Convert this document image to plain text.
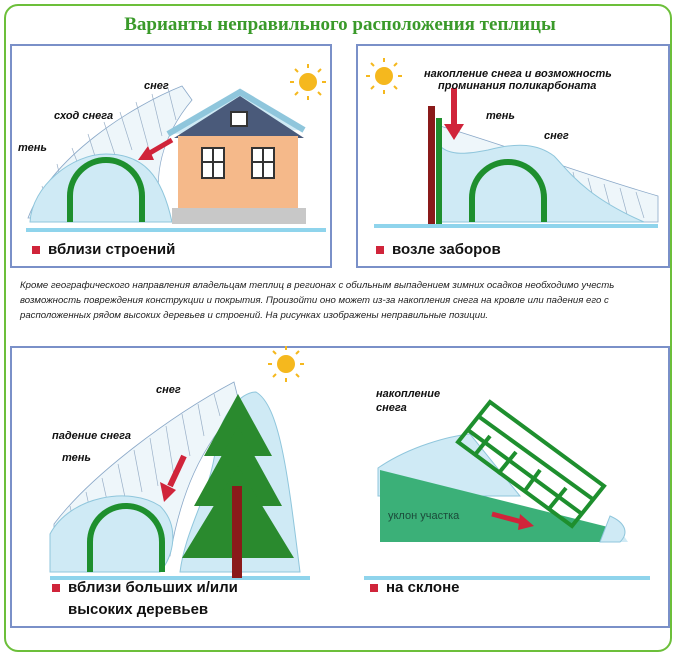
Варианты неправильного расположения теплицы
снег
сход снега
тень
вблизи строений
накопление снега и возможность
проминания поликарбоната
тень
снег
возле заборов
Кроме географического направления владельцам теплиц в регионах с обильным выпадением зимних осадков необходимо учесть возможность повреждения конструкции и покрытия. Произойти оно может из-за накопления снега на кровле или падения его с расположенных рядом высоких деревьев и строений. На рисунках изображены неправильные позиции.
снег
падение снега
тень
вблизи больших и/или
высоких деревьев
накопление
снега
уклон участка
на склоне
